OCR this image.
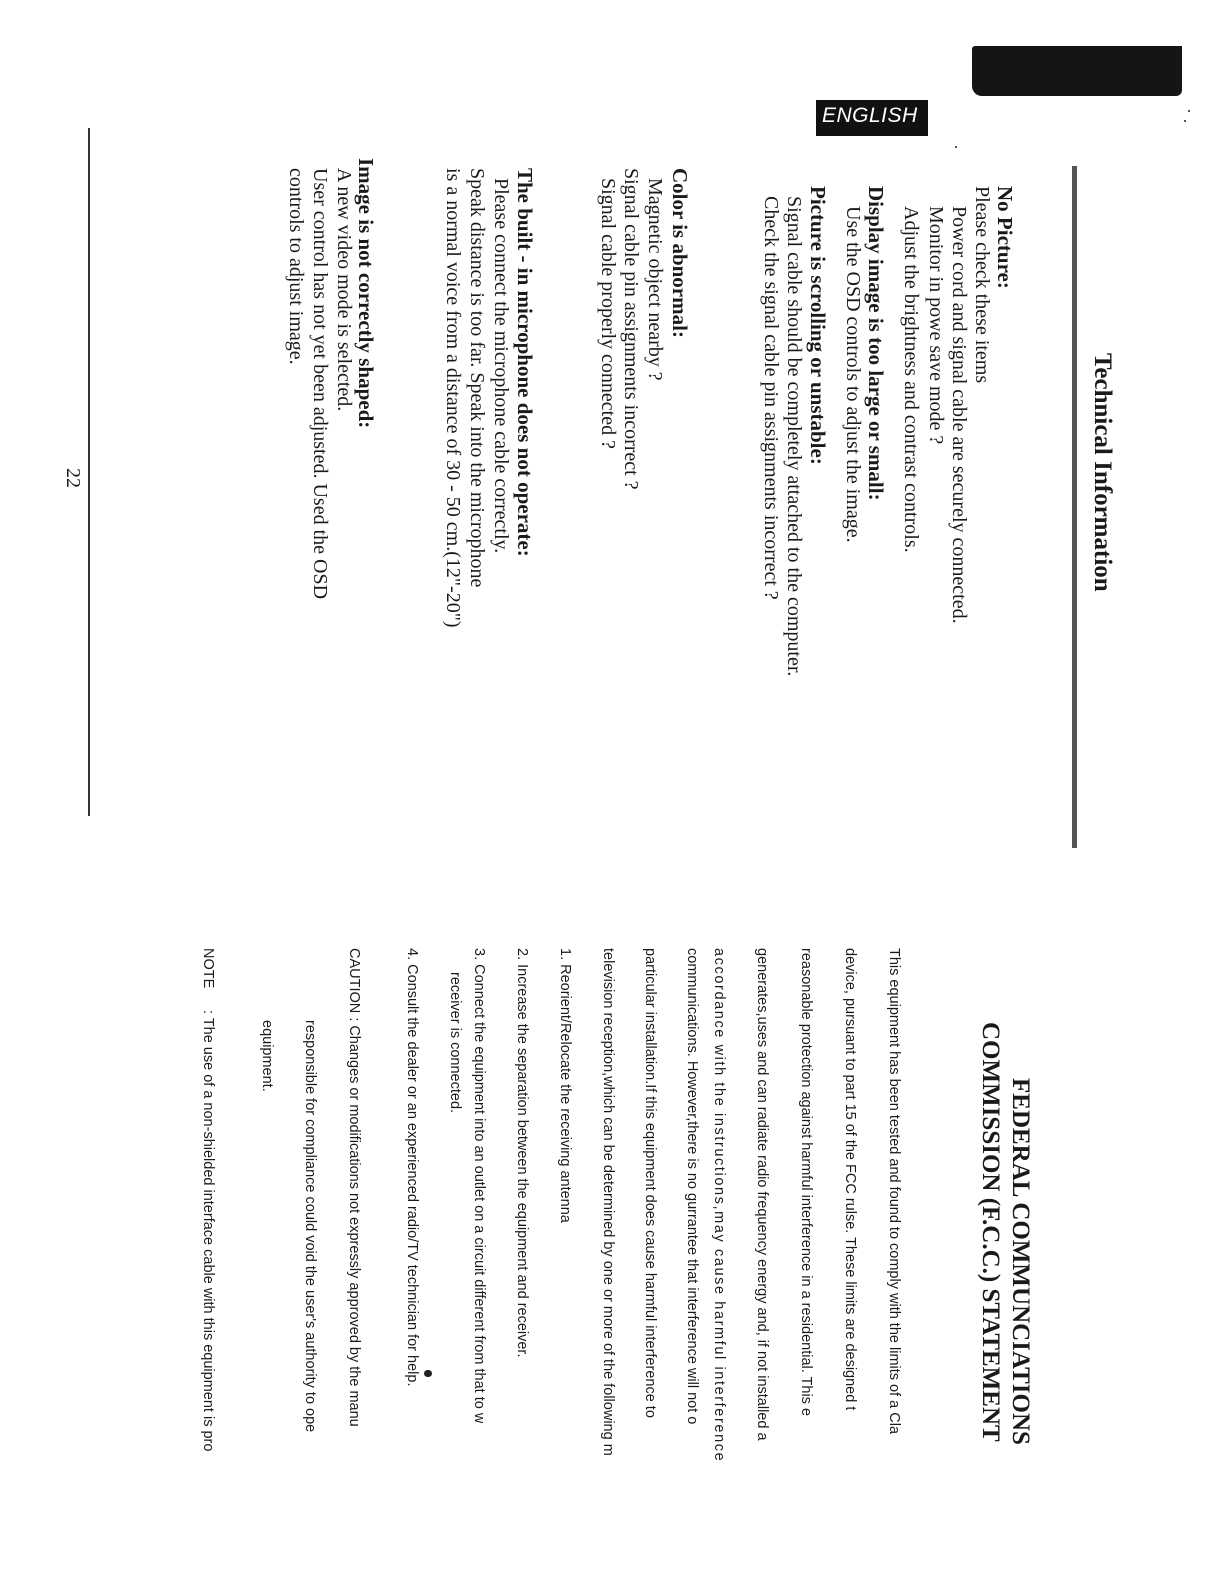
ENGLISH
Technical Information
No Picture:
Please check these items
Power cord and signal cable are securely connected.
Monitor in powe save mode ?
Adjust the brightness and contrast controls.
Display image is too large or small:
Use the OSD controls to adjust the image.
Picture is scrolling or unstable:
Signal cable should be completely attached to the computer.
Check the signal cable pin assignments incorrect ?
Color is abnormal:
Magnetic object nearby ?
Signal cable pin assignments incorrect ?
Signal cable properly connected ?
The built - in microphone does not operate:
Please connect the microphone cable correctly.
Speak distance is too far. Speak into the microphone
is a normal voice from a distance of 30 - 50 cm.(12"-20")
Image is not correctly shaped:
A new video mode is selected.
User control has not yet been adjusted. Used the OSD
controls to adjust image.
22
FEDERAL COMMUNCIATIONS
COMMISSION (F.C.C.) STATEMENT
This equipment has been tested and found to comply with the limits of a Cla
device, pursuant to part 15 of the FCC rulse. These limits are designed t
reasonable protection against harmful interference in a residential. This e
generates,uses and can radiate radio frequency energy and, if not installed a
accordance with the instructions,may cause harmful interference
communications. However,there is no gurrantee that interference will not o
particular installation.If this equipment does cause harmful interference to
television reception,which can be determined by one or more of the following m
1. Reorient/Relocate the receiving antenna
2. Increase the separation between the equipment and receiver.
3. Connect the equipment into an outlet on a circuit different from that to w
receiver is connected.
4. Consult the dealer or an experienced radio/TV technician for help.
CAUTION : Changes or modifications not expressly approved by the manu
responsible for compliance could void the user's authority to ope
equipment.
NOTE
: The use of a non-shielded interface cable with this equipment is pro
